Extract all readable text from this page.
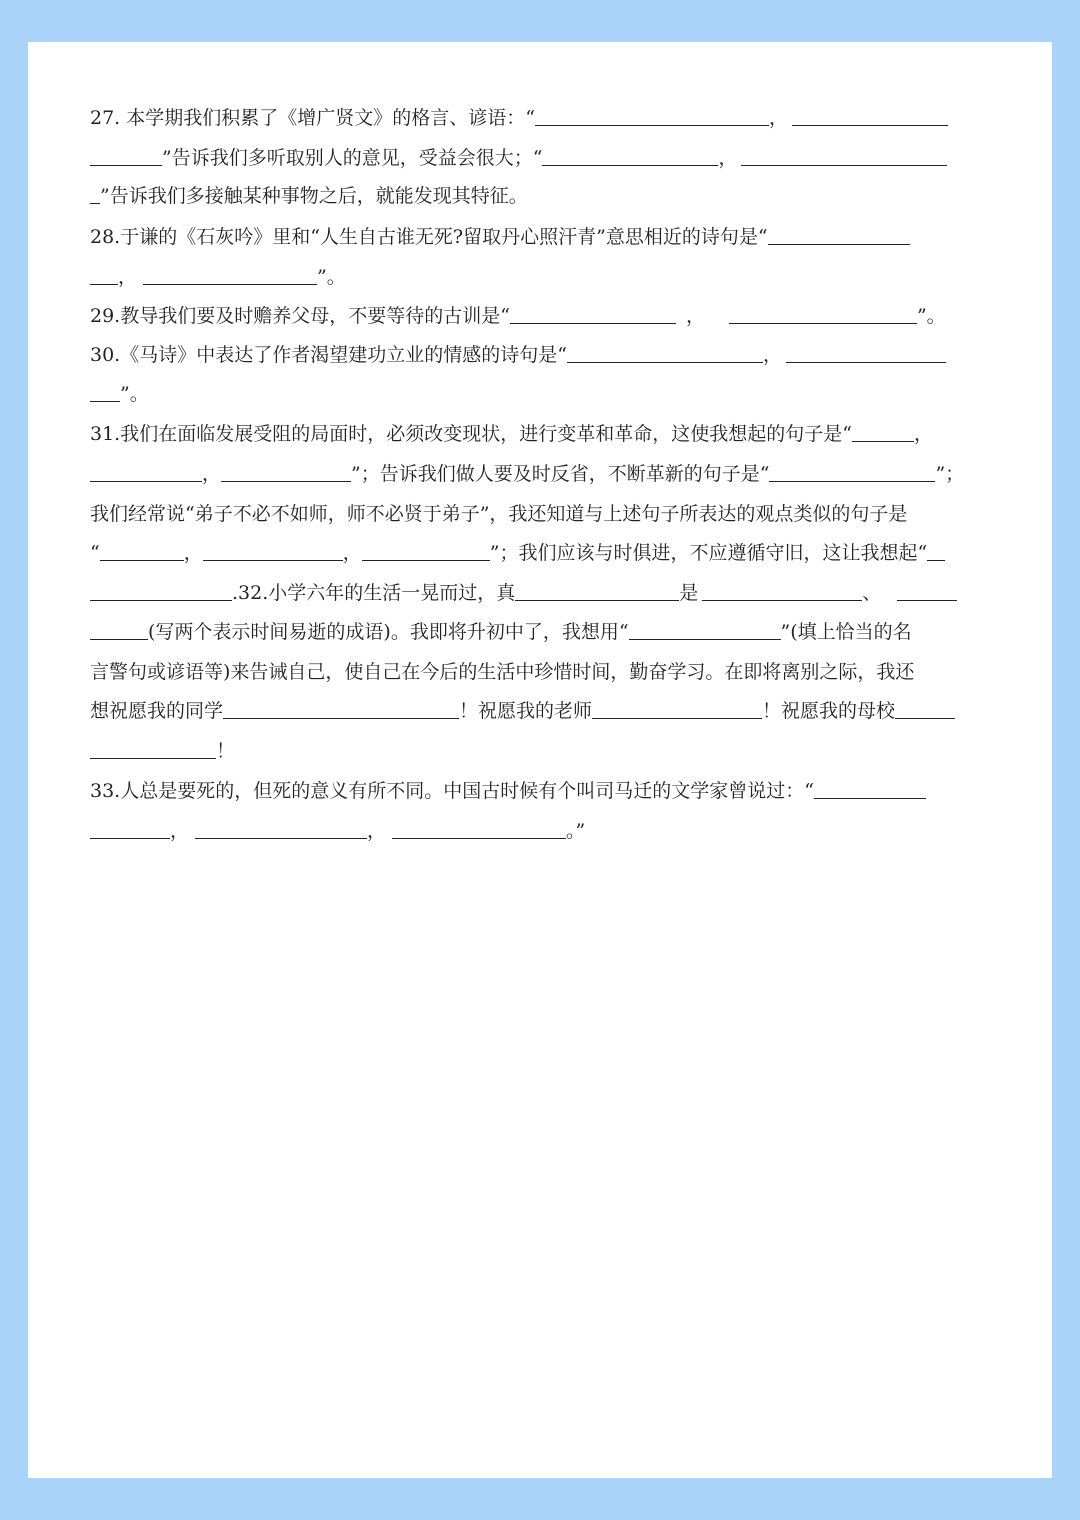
27. 本学期我们积累了《增广贤文》的格言、谚语：“	，
”告诉我们多听取别人的意见，受益会很大；“	，
”告诉我们多接触某种事物之后，就能发现其特征。
28.于谦的《石灰吟》里和“人生自古谁无死?留取丹心照汗青”意思相近的诗句是“
，	”。
29.教导我们要及时赡养父母，不要等待的古训是“	，	”。
30.《马诗》中表达了作者渴望建功立业的情感的诗句是“	，
”。
31.我们在面临发展受阻的局面时，必须改变现状，进行变革和革命，这使我想起的句子是“	，
，	”；告诉我们做人要及时反省，不断革新的句子是“	”；
我们经常说“弟子不必不如师，师不必贤于弟子”，我还知道与上述句子所表达的观点类似的句子是
“	，	，	”；我们应该与时俱进，不应遵循守旧，这让我想起“
.32.小学六年的生活一晃而过，真	是	、
(写两个表示时间易逝的成语)。我即将升初中了，我想用“	”(填上恰当的名
言警句或谚语等)来告诫自己，使自己在今后的生活中珍惜时间，勤奋学习。在即将离别之际，我还
想祝愿我的同学	！祝愿我的老师	！祝愿我的母校
！
33.人总是要死的，但死的意义有所不同。中国古时候有个叫司马迁的文学家曾说过：“
，	，	。”
